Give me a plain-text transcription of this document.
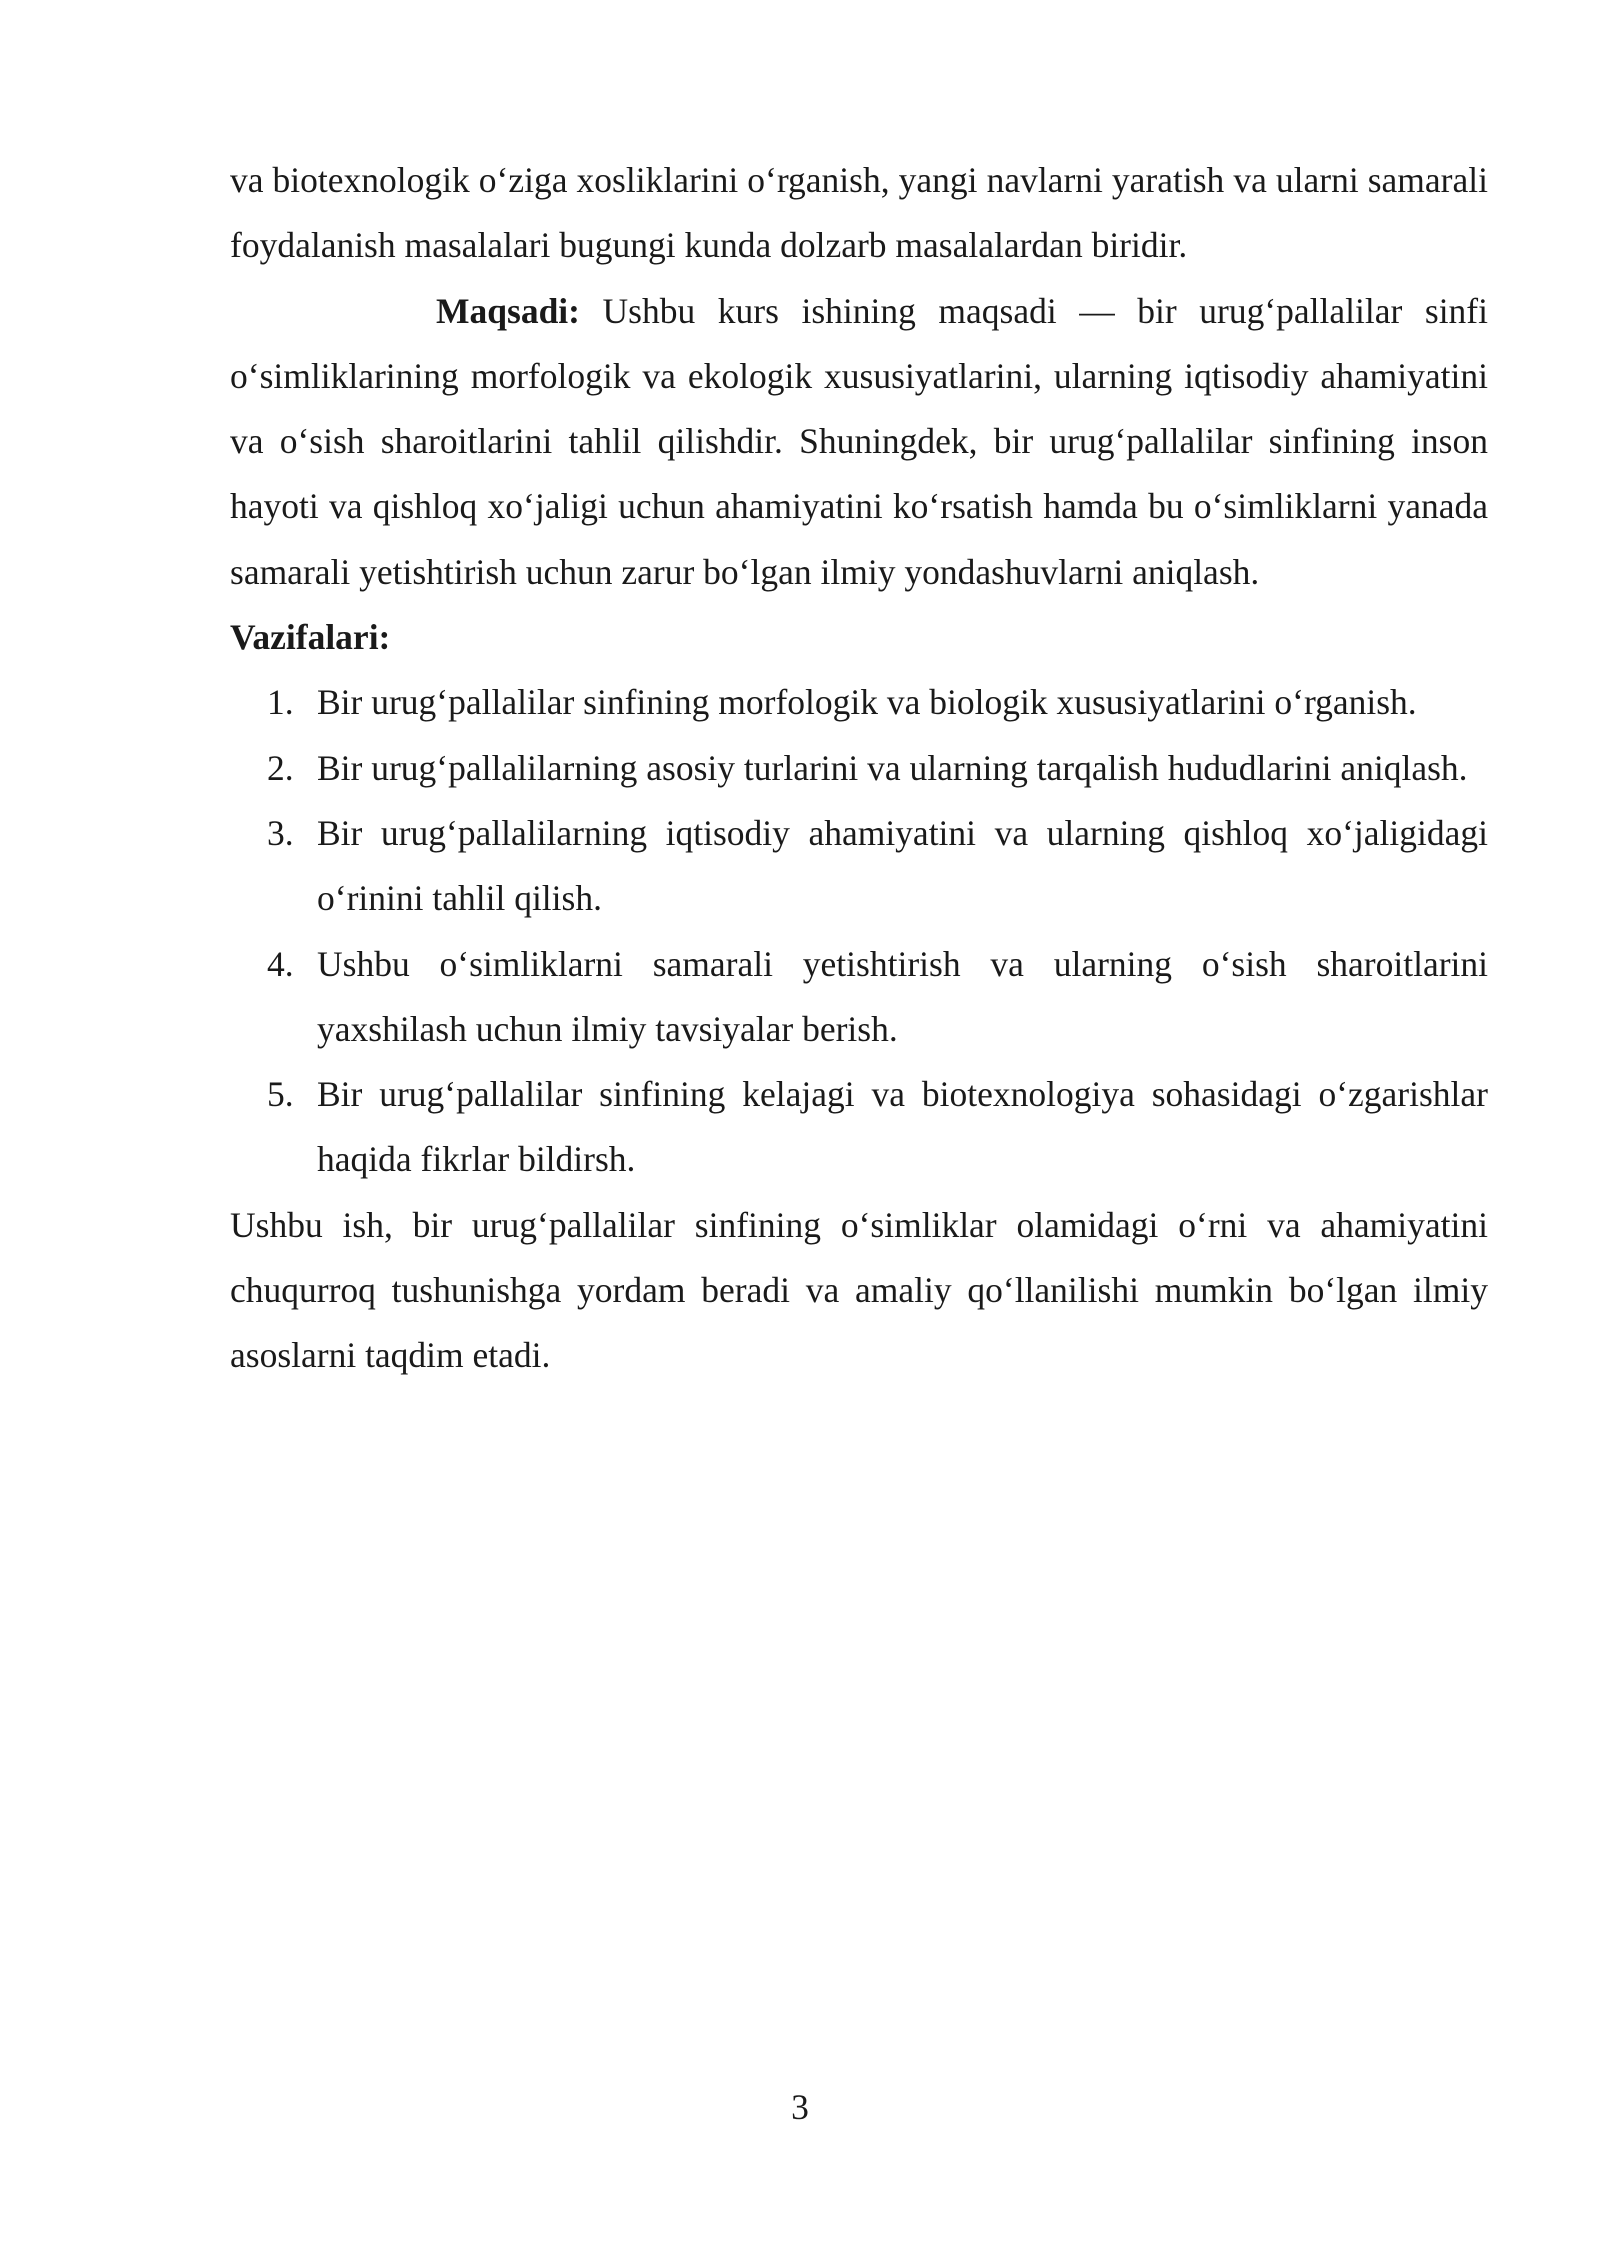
va biotexnologik o‘ziga xosliklarini o‘rganish, yangi navlarni yaratish va ularni samarali foydalanish masalalari bugungi kunda dolzarb masalalardan biridir.

Maqsadi: Ushbu kurs ishining maqsadi — bir urug‘pallalilar sinfi o‘simliklarining morfologik va ekologik xususiyatlarini, ularning iqtisodiy ahamiyatini va o‘sish sharoitlarini tahlil qilishdir. Shuningdek, bir urug‘pallalilar sinfining inson hayoti va qishloq xo‘jaligi uchun ahamiyatini ko‘rsatish hamda bu o‘simliklarni yanada samarali yetishtirish uchun zarur bo‘lgan ilmiy yondashuvlarni aniqlash.

Vazifalari:

1. Bir urug‘pallalilar sinfining morfologik va biologik xususiyatlarini o‘rganish.
2. Bir urug‘pallalilarning asosiy turlarini va ularning tarqalish hududlarini aniqlash.
3. Bir urug‘pallalilarning iqtisodiy ahamiyatini va ularning qishloq xo‘jaligidagi o‘rinini tahlil qilish.
4. Ushbu o‘simliklarni samarali yetishtirish va ularning o‘sish sharoitlarini yaxshilash uchun ilmiy tavsiyalar berish.
5. Bir urug‘pallalilar sinfining kelajagi va biotexnologiya sohasidagi o‘zgarishlar haqida fikrlar bildirsh.

Ushbu ish, bir urug‘pallalilar sinfining o‘simliklar olamidagi o‘rni va ahamiyatini chuqurroq tushunishga yordam beradi va amaliy qo‘llanilishi mumkin bo‘lgan ilmiy asoslarni taqdim etadi.

3
